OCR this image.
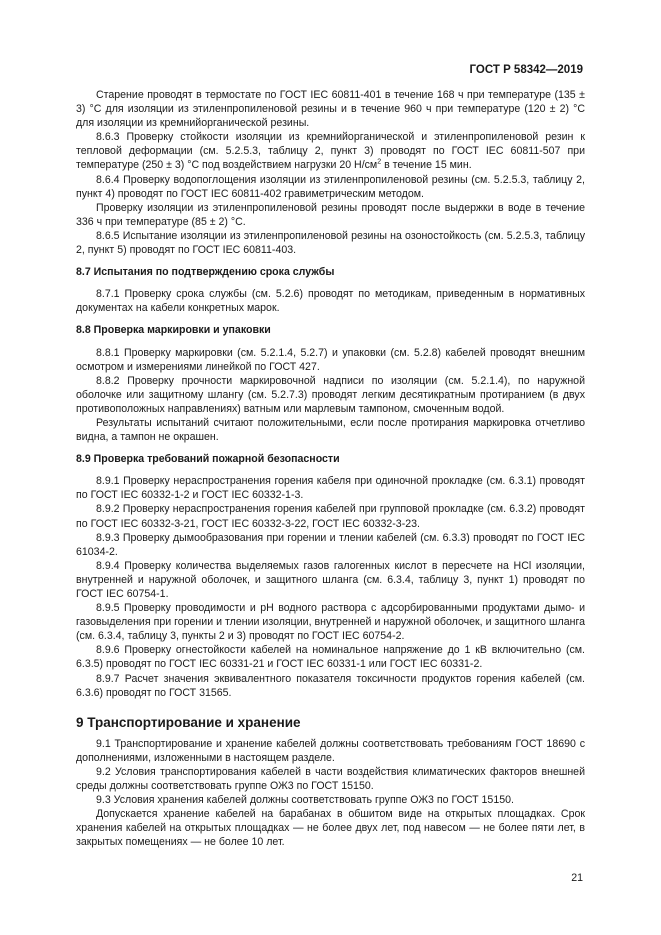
ГОСТ Р 58342—2019

Старение проводят в термостате по ГОСТ IEC 60811-401 в течение 168 ч при температуре (135 ± 3) °С для изоляции из этиленпропиленовой резины и в течение 960 ч при температуре (120 ± 2) °С для изоляции из кремнийорганической резины.

8.6.3 Проверку стойкости изоляции из кремнийорганической и этиленпропиленовой резин к тепловой деформации (см. 5.2.5.3, таблицу 2, пункт 3) проводят по ГОСТ IEC 60811-507 при температуре (250 ± 3) °С под воздействием нагрузки 20 $Н/см^2$ в течение 15 мин.

8.6.4 Проверку водопоглощения изоляции из этиленпропиленовой резины (см. 5.2.5.3, таблицу 2, пункт 4) проводят по ГОСТ IEC 60811-402 гравиметрическим методом.

Проверку изоляции из этиленпропиленовой резины проводят после выдержки в воде в течение 336 ч при температуре (85 ± 2) °С.

8.6.5 Испытание изоляции из этиленпропиленовой резины на озоностойкость (см. 5.2.5.3, таблицу 2, пункт 5) проводят по ГОСТ IEC 60811-403.

8.7 Испытания по подтверждению срока службы

8.7.1 Проверку срока службы (см. 5.2.6) проводят по методикам, приведенным в нормативных документах на кабели конкретных марок.

8.8 Проверка маркировки и упаковки

8.8.1 Проверку маркировки (см. 5.2.1.4, 5.2.7) и упаковки (см. 5.2.8) кабелей проводят внешним осмотром и измерениями линейкой по ГОСТ 427.

8.8.2 Проверку прочности маркировочной надписи по изоляции (см. 5.2.1.4), по наружной оболочке или защитному шлангу (см. 5.2.7.3) проводят легким десятикратным протиранием (в двух противоположных направлениях) ватным или марлевым тампоном, смоченным водой.

Результаты испытаний считают положительными, если после протирания маркировка отчетливо видна, а тампон не окрашен.

8.9 Проверка требований пожарной безопасности

8.9.1 Проверку нераспространения горения кабеля при одиночной прокладке (см. 6.3.1) проводят по ГОСТ IEC 60332-1-2 и ГОСТ IEC 60332-1-3.

8.9.2 Проверку нераспространения горения кабелей при групповой прокладке (см. 6.3.2) проводят по ГОСТ IEC 60332-3-21, ГОСТ IEC 60332-3-22, ГОСТ IEC 60332-3-23.

8.9.3 Проверку дымообразования при горении и тлении кабелей (см. 6.3.3) проводят по ГОСТ IEC 61034-2.

8.9.4 Проверку количества выделяемых газов галогенных кислот в пересчете на HCl изоляции, внутренней и наружной оболочек, и защитного шланга (см. 6.3.4, таблицу 3, пункт 1) проводят по ГОСТ IEC 60754-1.

8.9.5 Проверку проводимости и pH водного раствора с адсорбированными продуктами дымо- и газовыделения при горении и тлении изоляции, внутренней и наружной оболочек, и защитного шланга (см. 6.3.4, таблицу 3, пункты 2 и 3) проводят по ГОСТ IEC 60754-2.

8.9.6 Проверку огнестойкости кабелей на номинальное напряжение до 1 кВ включительно (см. 6.3.5) проводят по ГОСТ IEC 60331-21 и ГОСТ IEC 60331-1 или ГОСТ IEC 60331-2.

8.9.7 Расчет значения эквивалентного показателя токсичности продуктов горения кабелей (см. 6.3.6) проводят по ГОСТ 31565.

9 Транспортирование и хранение

9.1 Транспортирование и хранение кабелей должны соответствовать требованиям ГОСТ 18690 с дополнениями, изложенными в настоящем разделе.

9.2 Условия транспортирования кабелей в части воздействия климатических факторов внешней среды должны соответствовать группе ОЖ3 по ГОСТ 15150.

9.3 Условия хранения кабелей должны соответствовать группе ОЖ3 по ГОСТ 15150.

Допускается хранение кабелей на барабанах в обшитом виде на открытых площадках. Срок хранения кабелей на открытых площадках — не более двух лет, под навесом — не более пяти лет, в закрытых помещениях — не более 10 лет.

21
